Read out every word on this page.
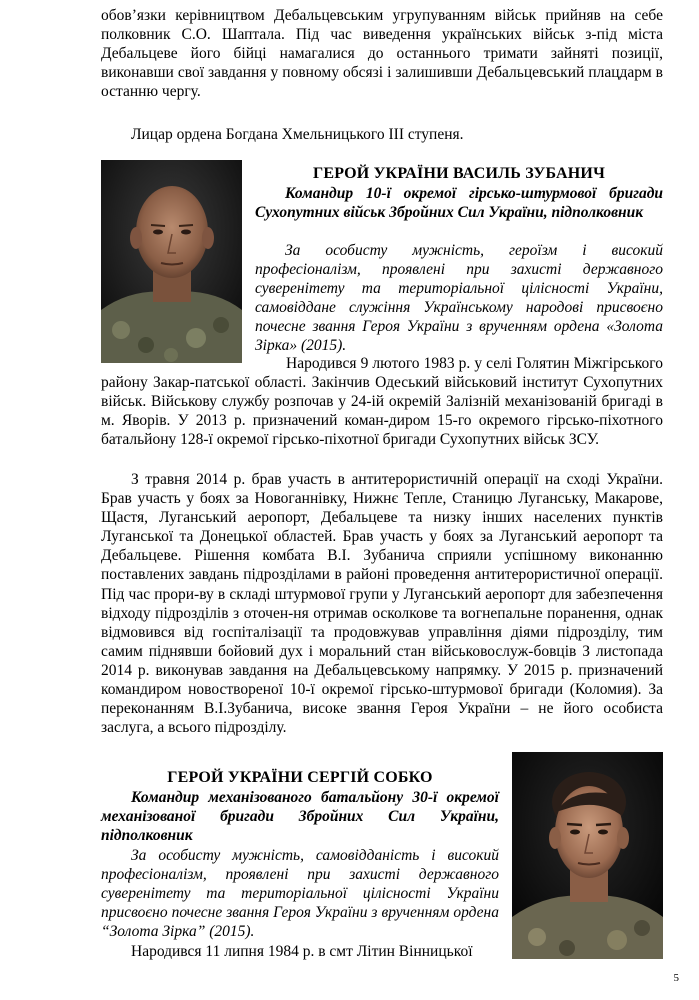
обов’язки керівництвом Дебальцевським угрупуванням військ прийняв на себе полковник С.О. Шаптала. Під час виведення українських військ з-під міста Дебальцеве його бійці намагалися до останнього тримати зайняті позиції, виконавши свої завдання у повному обсязі і залишивши Дебальцевський плацдарм в останню чергу.

Лицар ордена Богдана Хмельницького ІІІ ступеня.

ГЕРОЙ УКРАЇНИ ВАСИЛЬ ЗУБАНИЧ

Командир 10-ї окремої гірсько-штурмової бригади Сухопутних військ Збройних Сил України, підполковник

За особисту мужність, героїзм і високий професіоналізм, проявлені при захисті державного суверенітету та територіальної цілісності України, самовіддане служіння Українському народові присвоєно почесне звання Героя України з врученням ордена «Золота Зірка» (2015).

Народився 9 лютого 1983 р. у селі Голятин Міжгірського району Закар-патської області. Закінчив Одеський військовий інститут Сухопутних військ. Військову службу розпочав у 24-ій окремій Залізній механізованій бригаді в м. Яворів. У 2013 р. призначений коман-диром 15-го окремого гірсько-піхотного батальйону 128-ї окремої гірсько-піхотної бригади Сухопутних військ ЗСУ.

З травня 2014 р. брав участь в антитерористичній операції на сході України. Брав участь у боях за Новоганнівку, Нижнє Тепле, Станицю Луганську, Макарове, Щастя, Луганський аеропорт, Дебальцеве та низку інших населених пунктів Луганської та Донецької областей. Брав участь у боях за Луганський аеропорт та Дебальцеве. Рішення комбата В.І. Зубанича сприяли успішному виконанню поставлених завдань підрозділами в районі проведення антитерористичної операції. Під час прори-ву в складі штурмової групи у Луганський аеропорт для забезпечення відходу підрозділів з оточен-ня отримав осколкове та вогнепальне поранення, однак відмовився від госпіталізації та продовжував управління діями підрозділу, тим самим піднявши бойовий дух і моральний стан військовослуж-бовців З листопада 2014 р. виконував завдання на Дебальцевському напрямку. У 2015 р. призначений командиром новоствореної 10-ї окремої гірсько-штурмової бригади (Коломия). За переконанням В.І.Зубанича, високе звання Героя України – не його особиста заслуга, а всього підрозділу.

ГЕРОЙ УКРАЇНИ СЕРГІЙ СОБКО

Командир механізованого батальйону 30-ї окремої механізованої бригади Збройних Сил України, підполковник

За особисту мужність, самовідданість і високий професіоналізм, проявлені при захисті державного суверенітету та територіальної цілісності України присвоєно почесне звання Героя України з врученням ордена “Золота Зірка” (2015).

Народився 11 липня 1984 р. в смт Літин Вінницької

5
